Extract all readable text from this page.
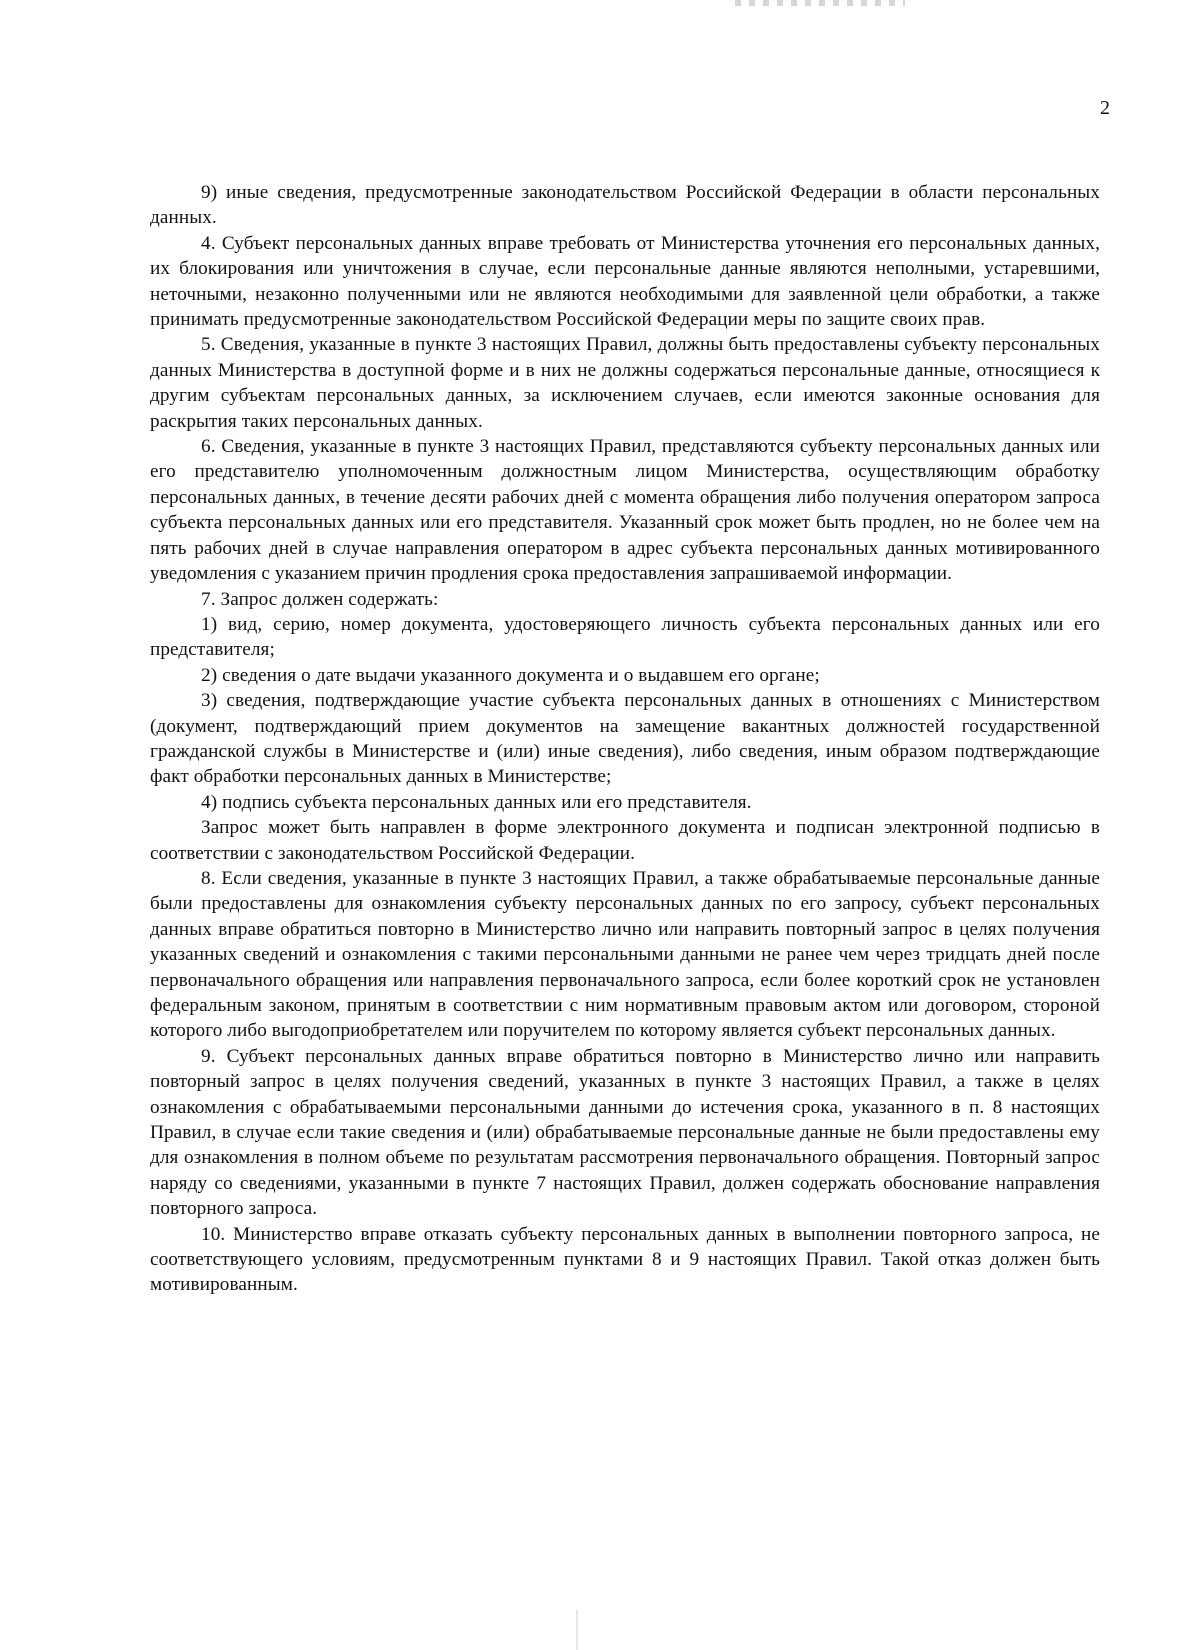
2

9) иные сведения, предусмотренные законодательством Российской Федерации в области персональных данных.

4. Субъект персональных данных вправе требовать от Министерства уточнения его персональных данных, их блокирования или уничтожения в случае, если персональные данные являются неполными, устаревшими, неточными, незаконно полученными или не являются необходимыми для заявленной цели обработки, а также принимать предусмотренные законодательством Российской Федерации меры по защите своих прав.

5. Сведения, указанные в пункте 3 настоящих Правил, должны быть предоставлены субъекту персональных данных Министерства в доступной форме и в них не должны содержаться персональные данные, относящиеся к другим субъектам персональных данных, за исключением случаев, если имеются законные основания для раскрытия таких персональных данных.

6. Сведения, указанные в пункте 3 настоящих Правил, представляются субъекту персональных данных или его представителю уполномоченным должностным лицом Министерства, осуществляющим обработку персональных данных, в течение десяти рабочих дней с момента обращения либо получения оператором запроса субъекта персональных данных или его представителя. Указанный срок может быть продлен, но не более чем на пять рабочих дней в случае направления оператором в адрес субъекта персональных данных мотивированного уведомления с указанием причин продления срока предоставления запрашиваемой информации.

7. Запрос должен содержать:

1) вид, серию, номер документа, удостоверяющего личность субъекта персональных данных или его представителя;

2) сведения о дате выдачи указанного документа и о выдавшем его органе;

3) сведения, подтверждающие участие субъекта персональных данных в отношениях с Министерством (документ, подтверждающий прием документов на замещение вакантных должностей государственной гражданской службы в Министерстве и (или) иные сведения), либо сведения, иным образом подтверждающие факт обработки персональных данных в Министерстве;

4) подпись субъекта персональных данных или его представителя.

Запрос может быть направлен в форме электронного документа и подписан электронной подписью в соответствии с законодательством Российской Федерации.

8. Если сведения, указанные в пункте 3 настоящих Правил, а также обрабатываемые персональные данные были предоставлены для ознакомления субъекту персональных данных по его запросу, субъект персональных данных вправе обратиться повторно в Министерство лично или направить повторный запрос в целях получения указанных сведений и ознакомления с такими персональными данными не ранее чем через тридцать дней после первоначального обращения или направления первоначального запроса, если более короткий срок не установлен федеральным законом, принятым в соответствии с ним нормативным правовым актом или договором, стороной которого либо выгодоприобретателем или поручителем по которому является субъект персональных данных.

9. Субъект персональных данных вправе обратиться повторно в Министерство лично или направить повторный запрос в целях получения сведений, указанных в пункте 3 настоящих Правил, а также в целях ознакомления с обрабатываемыми персональными данными до истечения срока, указанного в п. 8 настоящих Правил, в случае если такие сведения и (или) обрабатываемые персональные данные не были предоставлены ему для ознакомления в полном объеме по результатам рассмотрения первоначального обращения. Повторный запрос наряду со сведениями, указанными в пункте 7 настоящих Правил, должен содержать обоснование направления повторного запроса.

10. Министерство вправе отказать субъекту персональных данных в выполнении повторного запроса, не соответствующего условиям, предусмотренным пунктами 8 и 9 настоящих Правил. Такой отказ должен быть мотивированным.
